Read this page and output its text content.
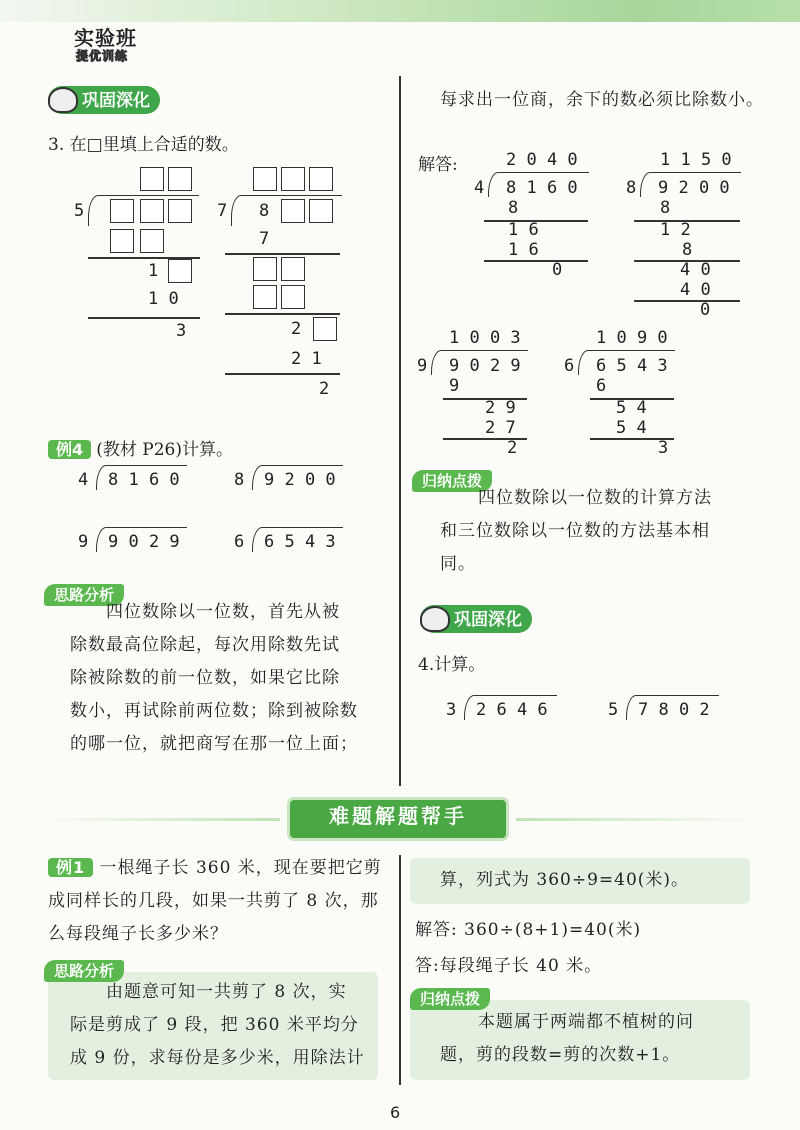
实验班
提优训练
巩固深化
3. 在□里填上合适的数。
5
1
1 0
3
7 8
7
2
2 1
2
例4 (教材 P26)计算。
4 8 1 6 0	8 9 2 0 0
9 9 0 2 9	6 6 5 4 3
思路分析
四位数除以一位数，首先从被
除数最高位除起，每次用除数先试
除被除数的前一位数，如果它比除
数小，再试除前两位数；除到被除数
的哪一位，就把商写在那一位上面；
每求出一位商，余下的数必须比除数小。
解答:	2 0 4 0
4 8 1 6 0
8
1 6
1 6
0
1 1 5 0
8 9 2 0 0
8
1 2
8
4 0
4 0
0
1 0 0 3
9 9 0 2 9
9
2 9
2 7
2
1 0 9 0
6 6 5 4 3
6
5 4
5 4
3
归纳点拨
四位数除以一位数的计算方法
和三位数除以一位数的方法基本相
同。
巩固深化
4.计算。
3 2 6 4 6	5 7 8 0 2
难题解题帮手
例1 一根绳子长 360 米，现在要把它剪
成同样长的几段，如果一共剪了 8 次，那
么每段绳子长多少米？
思路分析
由题意可知一共剪了 8 次，实
际是剪成了 9 段，把 360 米平均分
成 9 份，求每份是多少米，用除法计
算，列式为 360÷9=40(米)。
解答: 360÷(8+1)=40(米)
答:每段绳子长 40 米。
归纳点拨
本题属于两端都不植树的问
题，剪的段数=剪的次数+1。
6
